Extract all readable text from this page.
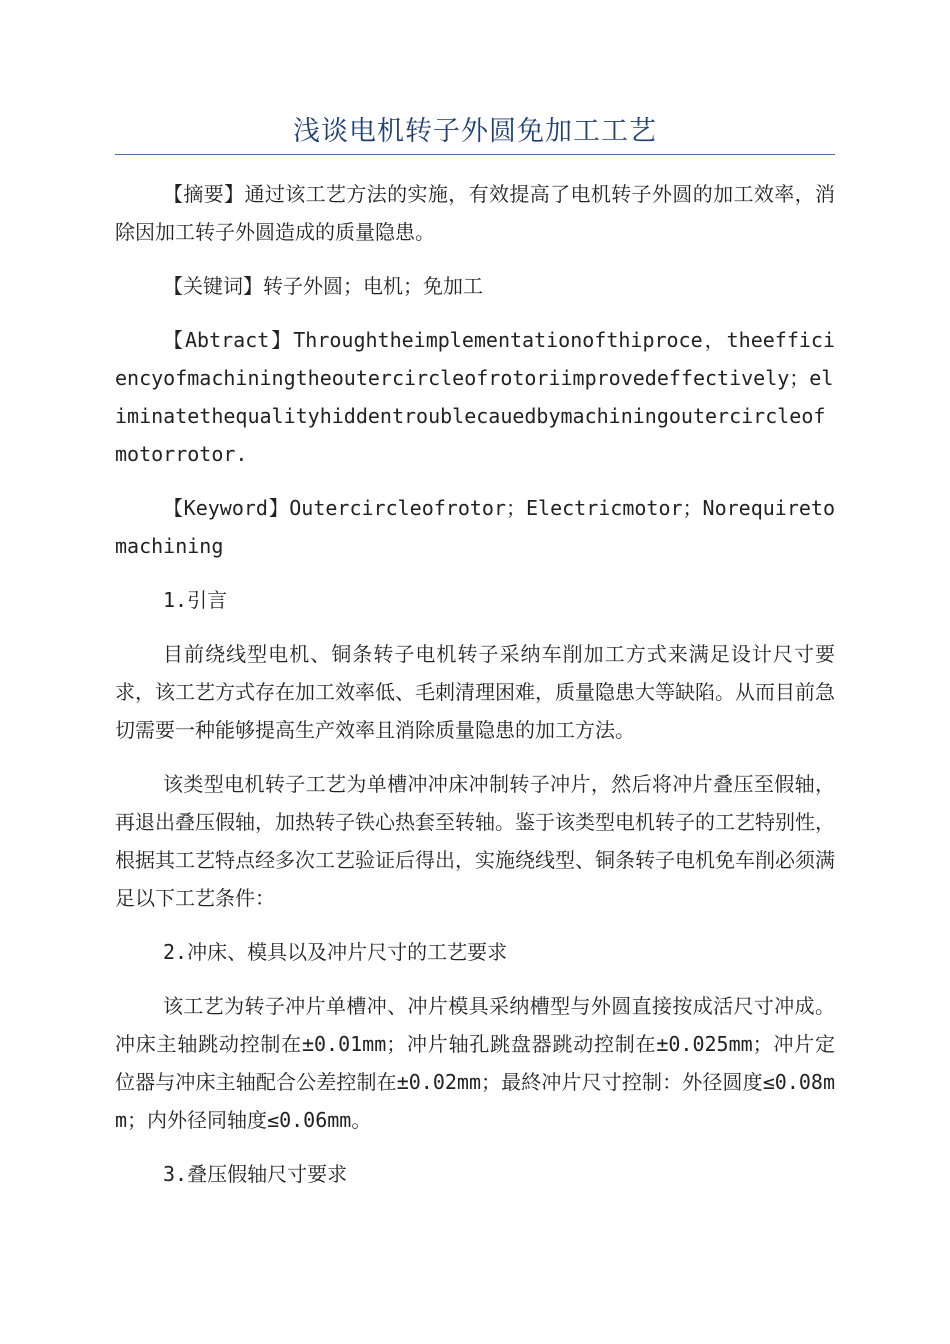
浅谈电机转子外圆免加工工艺

【摘要】通过该工艺方法的实施，有效提高了电机转子外圆的加工效率，消除因加工转子外圆造成的质量隐患。

【关键词】转子外圆；电机；免加工

【Abtract】Throughtheimplementationofthiproce，theefficiencyofmachiningtheoutercircleofrotoriimprovedeffectively；eliminatethequalityhiddentroublecauedbymachiningoutercircleofmotorrotor.

【Keyword】Outercircleofrotor；Electricmotor；Norequiretomachining

1.引言

目前绕线型电机、铜条转子电机转子采纳车削加工方式来满足设计尺寸要求，该工艺方式存在加工效率低、毛刺清理困难，质量隐患大等缺陷。从而目前急切需要一种能够提高生产效率且消除质量隐患的加工方法。

该类型电机转子工艺为单槽冲冲床冲制转子冲片，然后将冲片叠压至假轴，再退出叠压假轴，加热转子铁心热套至转轴。鉴于该类型电机转子的工艺特别性，根据其工艺特点经多次工艺验证后得出，实施绕线型、铜条转子电机免车削必须满足以下工艺条件：

2.冲床、模具以及冲片尺寸的工艺要求

该工艺为转子冲片单槽冲、冲片模具采纳槽型与外圆直接按成活尺寸冲成。冲床主轴跳动控制在±0.01mm；冲片轴孔跳盘器跳动控制在±0.025mm；冲片定位器与冲床主轴配合公差控制在±0.02mm；最終冲片尺寸控制：外径圆度≤0.08mm；内外径同轴度≤0.06mm。

3.叠压假轴尺寸要求
